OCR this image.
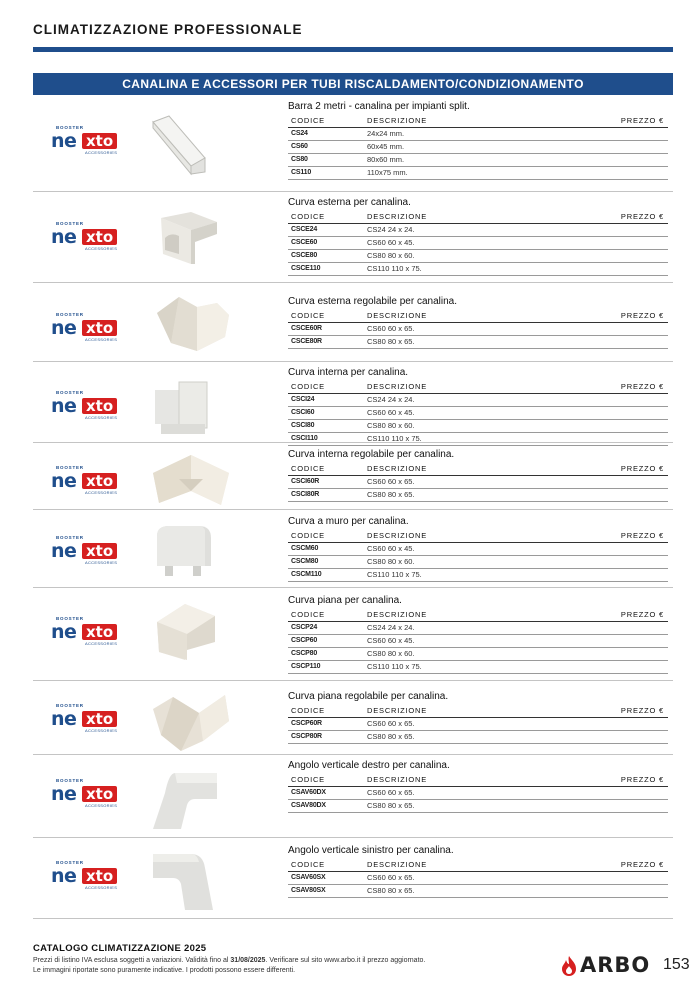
CLIMATIZZAZIONE PROFESSIONALE
CANALINA E ACCESSORI PER TUBI RISCALDAMENTO/CONDIZIONAMENTO
BOOSTER
ne xto
ACCESSORIES
Barra 2 metri - canalina per impianti split.
CODICE	DESCRIZIONE	PREZZO €
CS24	24x24 mm.
CS60	60x45 mm.
CS80	80x60 mm.
CS110	110x75 mm.
BOOSTER
ne xto
ACCESSORIES
Curva esterna per canalina.
CODICE	DESCRIZIONE	PREZZO €
CSCE24	CS24 24 x 24.
CSCE60	CS60 60 x 45.
CSCE80	CS80 80 x 60.
CSCE110	CS110 110 x 75.
BOOSTER
ne xto
ACCESSORIES
Curva esterna regolabile per canalina.
CODICE	DESCRIZIONE	PREZZO €
CSCE60R	CS60 60 x 65.
CSCE80R	CS80 80 x 65.
BOOSTER
ne xto
ACCESSORIES
Curva interna per canalina.
CODICE	DESCRIZIONE	PREZZO €
CSCI24	CS24 24 x 24.
CSCI60	CS60 60 x 45.
CSCI80	CS80 80 x 60.
CSCI110	CS110 110 x 75.
BOOSTER
ne xto
ACCESSORIES
Curva interna regolabile per canalina.
CODICE	DESCRIZIONE	PREZZO €
CSCI60R	CS60 60 x 65.
CSCI80R	CS80 80 x 65.
BOOSTER
ne xto
ACCESSORIES
Curva a muro per canalina.
CODICE	DESCRIZIONE	PREZZO €
CSCM60	CS60 60 x 45.
CSCM80	CS80 80 x 60.
CSCM110	CS110 110 x 75.
BOOSTER
ne xto
ACCESSORIES
Curva piana per canalina.
CODICE	DESCRIZIONE	PREZZO €
CSCP24	CS24 24 x 24.
CSCP60	CS60 60 x 45.
CSCP80	CS80 80 x 60.
CSCP110	CS110 110 x 75.
BOOSTER
ne xto
ACCESSORIES
Curva piana regolabile per canalina.
CODICE	DESCRIZIONE	PREZZO €
CSCP60R	CS60 60 x 65.
CSCP80R	CS80 80 x 65.
BOOSTER
ne xto
ACCESSORIES
Angolo verticale destro per canalina.
CODICE	DESCRIZIONE	PREZZO €
CSAV60DX	CS60 60 x 65.
CSAV80DX	CS80 80 x 65.
BOOSTER
ne xto
ACCESSORIES
Angolo verticale sinistro per canalina.
CODICE	DESCRIZIONE	PREZZO €
CSAV60SX	CS60 60 x 65.
CSAV80SX	CS80 80 x 65.
CATALOGO CLIMATIZZAZIONE 2025
Prezzi di listino IVA esclusa soggetti a variazioni. Validità fino al 31/08/2025. Verificare sul sito www.arbo.it il prezzo aggiornato.
Le immagini riportate sono puramente indicative. I prodotti possono essere differenti.	ARBO 153
